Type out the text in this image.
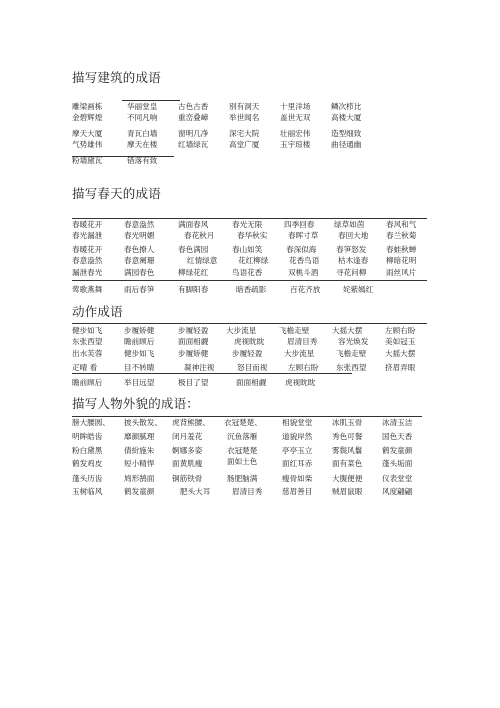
描写建筑的成语
雕梁画栋	华丽堂皇	古色古香	别有洞天	十里洋场	鳞次栉比
金碧辉煌	不同凡响	重峦叠嶂	举世闻名	盖世无双	高楼大厦
摩天大厦	青瓦白墙	窗明几净	深宅大院	壮丽宏伟	造型细致
气势雄伟	摩天在楼	红墙绿瓦	高堂广厦	玉宇琼楼	曲径通幽
粉墙黛瓦	错落有致
描写春天的成语
春暖花开	春意盎然	满面春风	春光无限	四季回春	绿草如茵	春风和气
春光漏泄	春光明媚	春花秋月	春华秋实	春晖寸草	春回大地 春兰秋菊
春暖花开	春色撩人	春色满园	春山如笑	春深似海	春笋怒发	春蛙秋蝉
春意盎然	春意阑珊	红情绿意	花红柳绿	花香鸟语 枯木逢春 柳暗花明
漏泄春光	满园春色	柳绿花红	鸟语花香	双桃斗酒 寻花问柳	雨丝风片
莺歌燕舞	雨后春笋	有脚阳春	暗香疏影	百花齐放	姹紫嫣红
动作成语
健步如飞	步履矫健	步履轻盈 大步流星	飞檐走壁	大摇大摆	左顾右盼
东张西望	瞻前顾后	面面相觑	虎视眈眈	眉清目秀	容光焕发 美如冠玉
出水芙蓉	健步如飞	步履矫健	步履轻盈	大步流星	飞檐走壁 大摇大摆
疋晴 看	目不转睛	凝神注视	怒目而视	左顾右盼 东张西望 挤眉弄眼
瞻前顾后	举目远望	极目了望	面面相觑 虎视眈眈
描写人物外貌的成语：
膀大腰圆、 披头散发、 虎背熊腰、 衣冠楚楚、	相貌堂堂	冰肌玉骨	冰清玉洁
明眸皓齿	靡颜腻理 闭月羞花	沉鱼落雁	道貌岸然	秀色可餐	国色天香
粉白黛黑	倩紛施朱 婀娜多姿	衣冠楚楚	亭亭玉立	雾鬓风鬟	鹤发童颜
鹤发鸡皮	短小精悍 面黄肌瘦	面如土色	面红耳赤	面有菜色	蓬头垢面
蓬头历齿	鸠形鹄面 铜筋铁骨	肠肥脑满	瘦骨如柴	大腹便便	仪表堂堂
玉树临风	鹤发童颜	肥头大耳	眉清目秀	慈眉善目	贼眉鼠眼	风度翩翩
